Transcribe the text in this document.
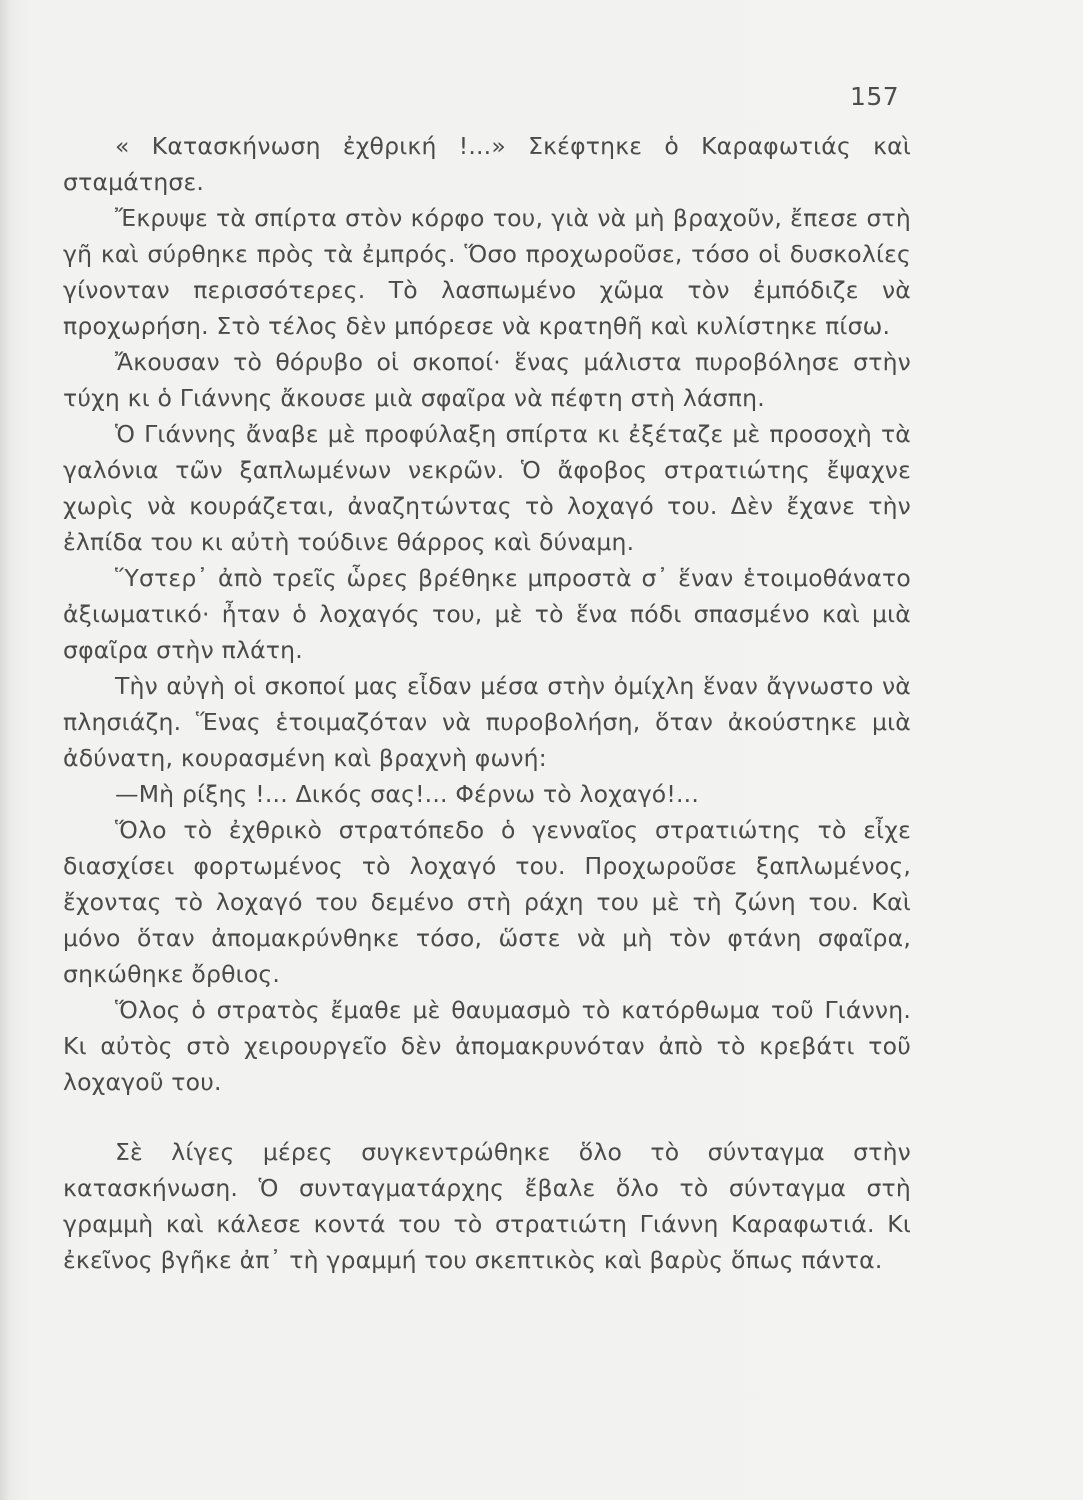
157

« Κατασκήνωση ἐχθρική !...» Σκέφτηκε ὁ Καραφωτιάς καὶ σταμάτησε.

Ἔκρυψε τὰ σπίρτα στὸν κόρφο του, γιὰ νὰ μὴ βραχοῦν, ἔπεσε στὴ γῆ καὶ σύρθηκε πρὸς τὰ ἐμπρός. Ὅσο προχωροῦσε, τόσο οἱ δυσκολίες γίνονταν περισσότερες. Τὸ λασπωμένο χῶμα τὸν ἐμπόδιζε νὰ προχωρήση. Στὸ τέλος δὲν μπόρεσε νὰ κρατηθῆ καὶ κυλίστηκε πίσω.

Ἄκουσαν τὸ θόρυβο οἱ σκοποί· ἕνας μάλιστα πυροβόλησε στὴν τύχη κι ὁ Γιάννης ἄκουσε μιὰ σφαῖρα νὰ πέφτη στὴ λάσπη.

Ὁ Γιάννης ἄναβε μὲ προφύλαξη σπίρτα κι ἐξέταζε μὲ προσοχὴ τὰ γαλόνια τῶν ξαπλωμένων νεκρῶν. Ὁ ἄφοβος στρατιώτης ἔψαχνε χωρὶς νὰ κουράζεται, ἀναζητώντας τὸ λοχαγό του. Δὲν ἔχανε τὴν ἐλπίδα του κι αὐτὴ τούδινε θάρρος καὶ δύναμη.

Ὕστερ᾿ ἀπὸ τρεῖς ὧρες βρέθηκε μπροστὰ σ᾿ ἕναν ἑτοιμοθάνατο ἀξιωματικό· ἦταν ὁ λοχαγός του, μὲ τὸ ἕνα πόδι σπασμένο καὶ μιὰ σφαῖρα στὴν πλάτη.

Τὴν αὐγὴ οἱ σκοποί μας εἶδαν μέσα στὴν ὀμίχλη ἕναν ἄγνωστο νὰ πλησιάζη. Ἕνας ἑτοιμαζόταν νὰ πυροβολήση, ὅταν ἀκούστηκε μιὰ ἀδύνατη, κουρασμένη καὶ βραχνὴ φωνή:

—Μὴ ρίξης !... Δικός σας!... Φέρνω τὸ λοχαγό!...

Ὅλο τὸ ἐχθρικὸ στρατόπεδο ὁ γενναῖος στρατιώτης τὸ εἶχε διασχίσει φορτωμένος τὸ λοχαγό του. Προχωροῦσε ξαπλωμένος, ἔχοντας τὸ λοχαγό του δεμένο στὴ ράχη του μὲ τὴ ζώνη του. Καὶ μόνο ὅταν ἀπομακρύνθηκε τόσο, ὥστε νὰ μὴ τὸν φτάνη σφαῖρα, σηκώθηκε ὄρθιος.

Ὅλος ὁ στρατὸς ἔμαθε μὲ θαυμασμὸ τὸ κατόρθωμα τοῦ Γιάννη. Κι αὐτὸς στὸ χειρουργεῖο δὲν ἀπομακρυνόταν ἀπὸ τὸ κρεβάτι τοῦ λοχαγοῦ του.

Σὲ λίγες μέρες συγκεντρώθηκε ὅλο τὸ σύνταγμα στὴν κατασκήνωση. Ὁ συνταγματάρχης ἔβαλε ὅλο τὸ σύνταγμα στὴ γραμμὴ καὶ κάλεσε κοντά του τὸ στρατιώτη Γιάννη Καραφωτιά. Κι ἐκεῖνος βγῆκε ἀπ᾿ τὴ γραμμή του σκεπτικὸς καὶ βαρὺς ὅπως πάντα.
